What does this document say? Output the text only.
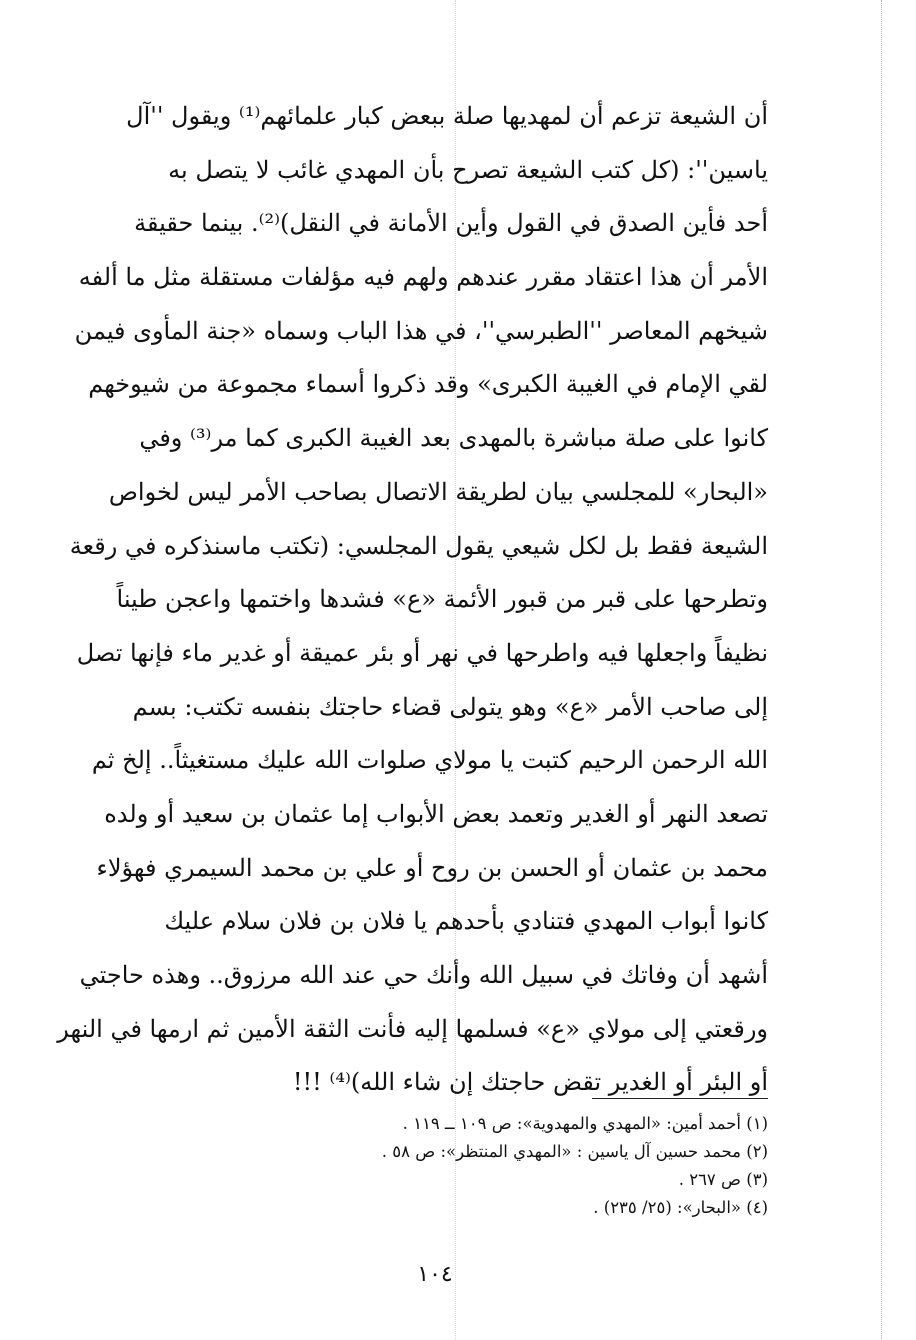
أن الشيعة تزعم أن لمهديها صلة ببعض كبار علمائهم⁽¹⁾ ويقول ''آل
ياسين'': (كل كتب الشيعة تصرح بأن المهدي غائب لا يتصل به
أحد فأين الصدق في القول وأين الأمانة في النقل)⁽²⁾. بينما حقيقة
الأمر أن هذا اعتقاد مقرر عندهم ولهم فيه مؤلفات مستقلة مثل ما ألفه
شيخهم المعاصر ''الطبرسي''، في هذا الباب وسماه «جنة المأوى فيمن
لقي الإمام في الغيبة الكبرى» وقد ذكروا أسماء مجموعة من شيوخهم
كانوا على صلة مباشرة بالمهدى بعد الغيبة الكبرى كما مر⁽³⁾ وفي
«البحار» للمجلسي بيان لطريقة الاتصال بصاحب الأمر ليس لخواص
الشيعة فقط بل لكل شيعي يقول المجلسي: (تكتب ماسنذكره في رقعة
وتطرحها على قبر من قبور الأئمة «ع» فشدها واختمها واعجن طيناً
نظيفاً واجعلها فيه واطرحها في نهر أو بئر عميقة أو غدير ماء فإنها تصل
إلى صاحب الأمر «ع» وهو يتولى قضاء حاجتك بنفسه تكتب: بسم
الله الرحمن الرحيم كتبت يا مولاي صلوات الله عليك مستغيثاً.. إلخ ثم
تصعد النهر أو الغدير وتعمد بعض الأبواب إما عثمان بن سعيد أو ولده
محمد بن عثمان أو الحسن بن روح أو علي بن محمد السيمري فهؤلاء
كانوا أبواب المهدي فتنادي بأحدهم يا فلان بن فلان سلام عليك
أشهد أن وفاتك في سبيل الله وأنك حي عند الله مرزوق.. وهذه حاجتي
ورقعتي إلى مولاي «ع» فسلمها إليه فأنت الثقة الأمين ثم ارمها في النهر
أو البئر أو الغدير تقض حاجتك إن شاء الله)⁽⁴⁾ !!!
(١) أحمد أمين: «المهدي والمهدوية»: ص ١٠٩ ــ ١١٩ .
(٢) محمد حسين آل ياسين : «المهدي المنتظر»: ص ٥٨ .
(٣) ص ٢٦٧ .
(٤) «البحار»: (٢٥/ ٢٣٥) .
١٠٤
